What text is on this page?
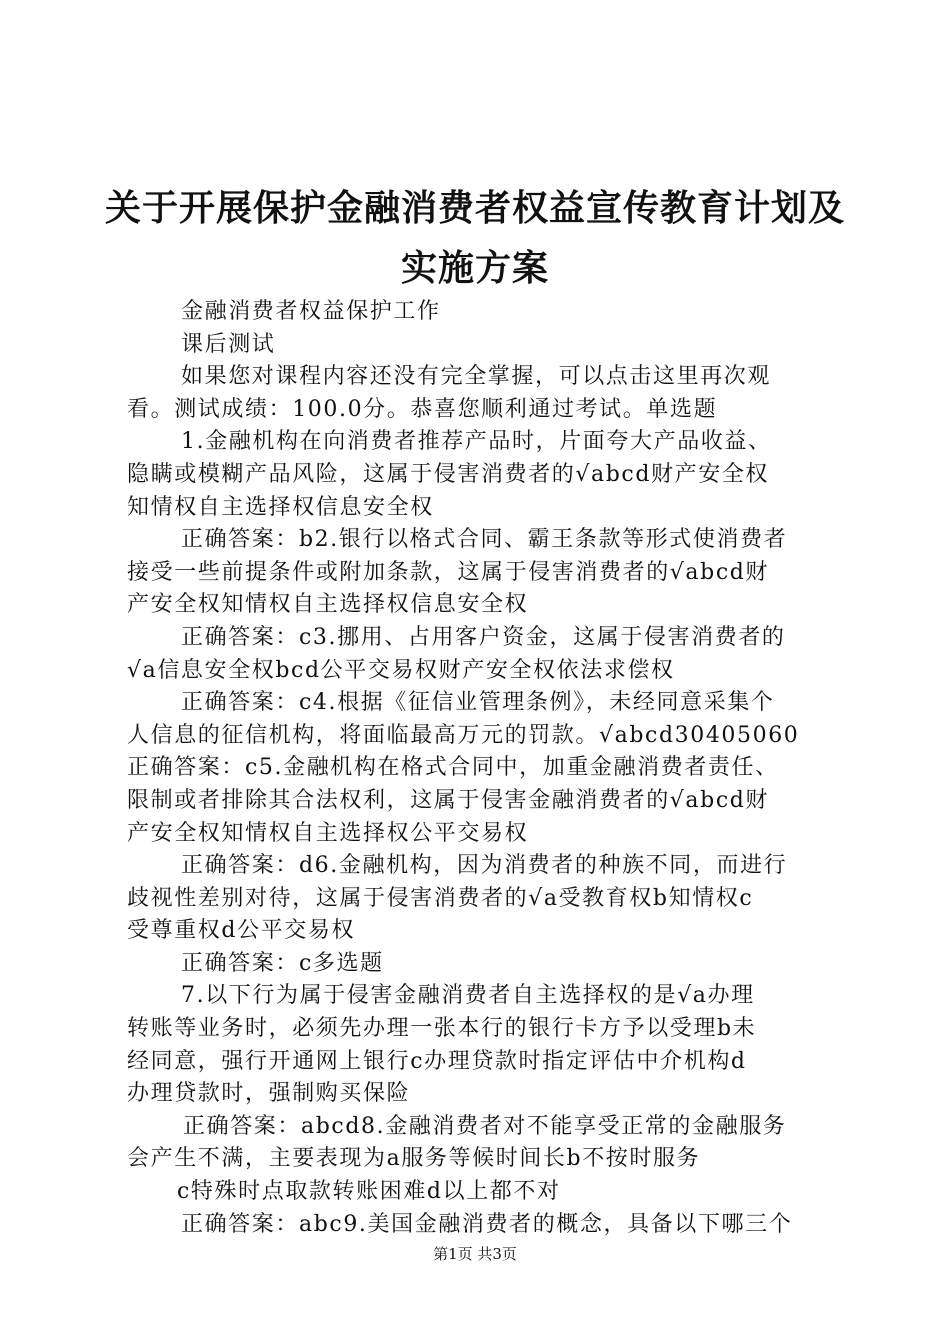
关于开展保护金融消费者权益宣传教育计划及
实施方案
金融消费者权益保护工作
课后测试
如果您对课程内容还没有完全掌握，可以点击这里再次观
看。测试成绩：100.0分。恭喜您顺利通过考试。单选题
1.金融机构在向消费者推荐产品时，片面夸大产品收益、
隐瞒或模糊产品风险，这属于侵害消费者的√abcd财产安全权
知情权自主选择权信息安全权
正确答案：b2.银行以格式合同、霸王条款等形式使消费者
接受一些前提条件或附加条款，这属于侵害消费者的√abcd财
产安全权知情权自主选择权信息安全权
正确答案：c3.挪用、占用客户资金，这属于侵害消费者的
√a信息安全权bcd公平交易权财产安全权依法求偿权
正确答案：c4.根据《征信业管理条例》，未经同意采集个
人信息的征信机构，将面临最高万元的罚款。√abcd30405060
正确答案：c5.金融机构在格式合同中，加重金融消费者责任、
限制或者排除其合法权利，这属于侵害金融消费者的√abcd财
产安全权知情权自主选择权公平交易权
正确答案：d6.金融机构，因为消费者的种族不同，而进行
歧视性差别对待，这属于侵害消费者的√a受教育权b知情权c
受尊重权d公平交易权
正确答案：c多选题
7.以下行为属于侵害金融消费者自主选择权的是√a办理
转账等业务时，必须先办理一张本行的银行卡方予以受理b未
经同意，强行开通网上银行c办理贷款时指定评估中介机构d
办理贷款时，强制购买保险
正确答案：abcd8.金融消费者对不能享受正常的金融服务
会产生不满，主要表现为a服务等候时间长b不按时服务
c特殊时点取款转账困难d以上都不对
正确答案：abc9.美国金融消费者的概念，具备以下哪三个
第1页 共3页
